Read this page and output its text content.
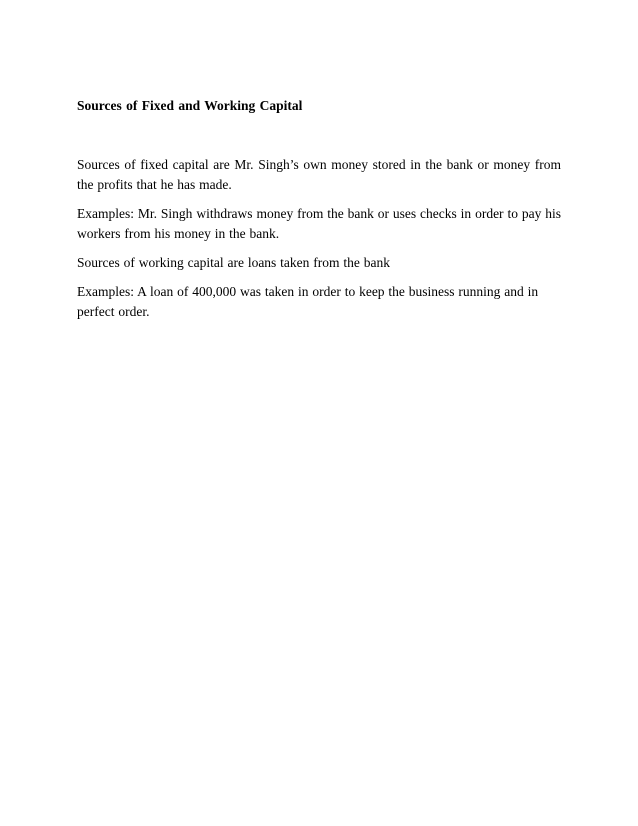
Sources of Fixed and Working Capital

Sources of fixed capital are Mr. Singh’s own money stored in the bank or money from the profits that he has made.

Examples: Mr. Singh withdraws money from the bank or uses checks in order to pay his workers from his money in the bank.

Sources of working capital are loans taken from the bank

Examples: A loan of 400,000 was taken in order to keep the business running and in perfect order.
